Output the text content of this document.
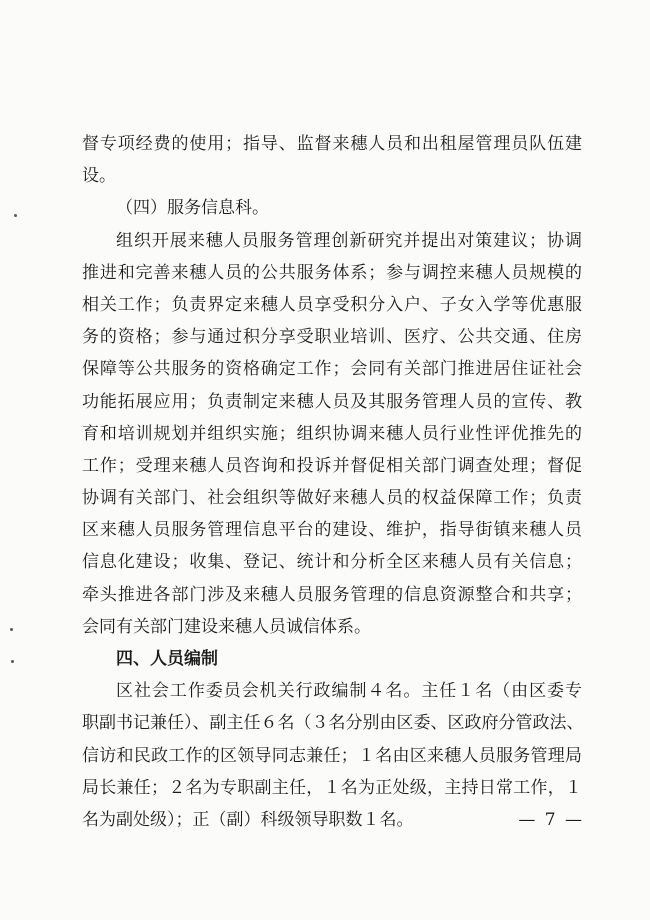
督专项经费的使用；指导、监督来穗人员和出租屋管理员队伍建
设。
（四）服务信息科。
组织开展来穗人员服务管理创新研究并提出对策建议；协调
推进和完善来穗人员的公共服务体系；参与调控来穗人员规模的
相关工作；负责界定来穗人员享受积分入户、子女入学等优惠服
务的资格；参与通过积分享受职业培训、医疗、公共交通、住房
保障等公共服务的资格确定工作；会同有关部门推进居住证社会
功能拓展应用；负责制定来穗人员及其服务管理人员的宣传、教
育和培训规划并组织实施；组织协调来穗人员行业性评优推先的
工作；受理来穗人员咨询和投诉并督促相关部门调查处理；督促
协调有关部门、社会组织等做好来穗人员的权益保障工作；负责
区来穗人员服务管理信息平台的建设、维护，指导街镇来穗人员
信息化建设；收集、登记、统计和分析全区来穗人员有关信息；
牵头推进各部门涉及来穗人员服务管理的信息资源整合和共享；
会同有关部门建设来穗人员诚信体系。
四、人员编制
区社会工作委员会机关行政编制４名。主任１名（由区委专
职副书记兼任）、副主任６名（３名分别由区委、区政府分管政法、
信访和民政工作的区领导同志兼任；１名由区来穗人员服务管理局
局长兼任；２名为专职副主任，１名为正处级，主持日常工作，１
名为副处级）；正（副）科级领导职数１名。	— 7 —
